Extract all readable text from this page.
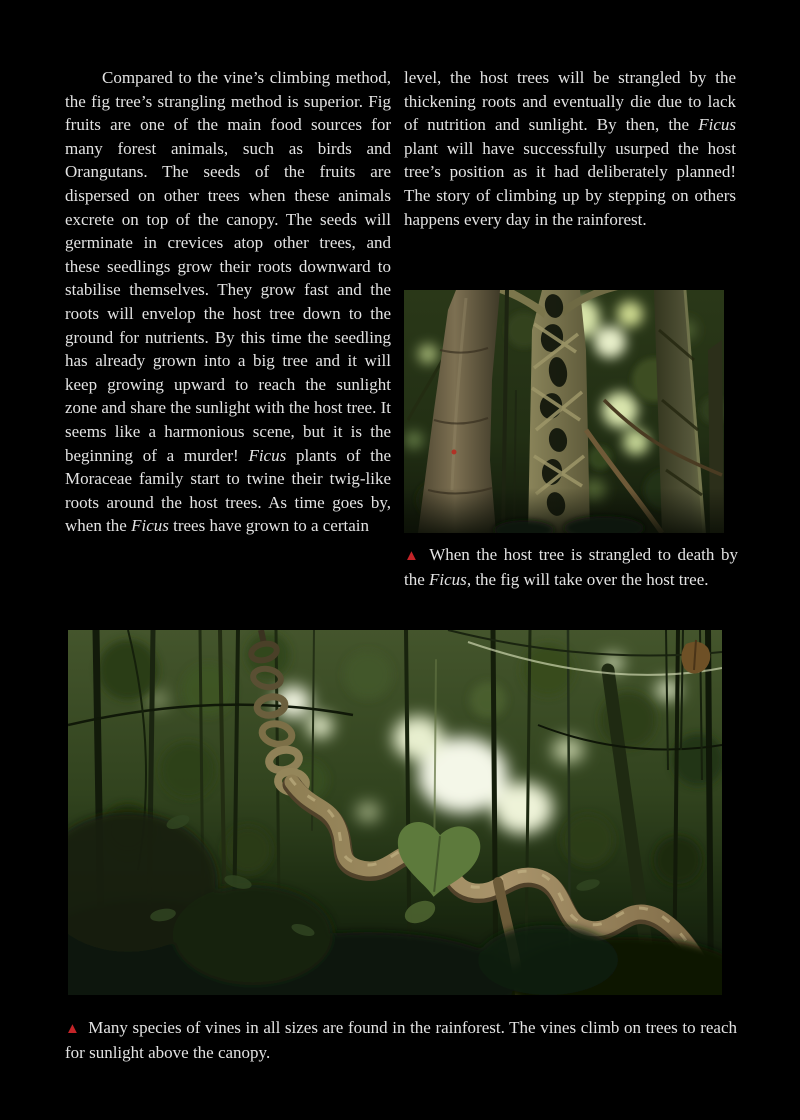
Compared to the vine’s climbing method, the fig tree’s strangling method is superior. Fig fruits are one of the main food sources for many forest animals, such as birds and Orangutans. The seeds of the fruits are dispersed on other trees when these animals excrete on top of the canopy. The seeds will germinate in crevices atop other trees, and these seedlings grow their roots downward to stabilise themselves. They grow fast and the roots will envelop the host tree down to the ground for nutrients. By this time the seedling has already grown into a big tree and it will keep growing upward to reach the sunlight zone and share the sunlight with the host tree. It seems like a harmonious scene, but it is the beginning of a murder! Ficus plants of the Moraceae family start to twine their twig-like roots around the host trees. As time goes by, when the Ficus trees have grown to a certain

level, the host trees will be strangled by the thickening roots and eventually die due to lack of nutrition and sunlight. By then, the Ficus plant will have successfully usurped the host tree’s position as it had deliberately planned! The story of climbing up by stepping on others happens every day in the rainforest.

▲ When the host tree is strangled to death by the Ficus, the fig will take over the host tree.
▲ Many species of vines in all sizes are found in the rainforest. The vines climb on trees to reach for sunlight above the canopy.
